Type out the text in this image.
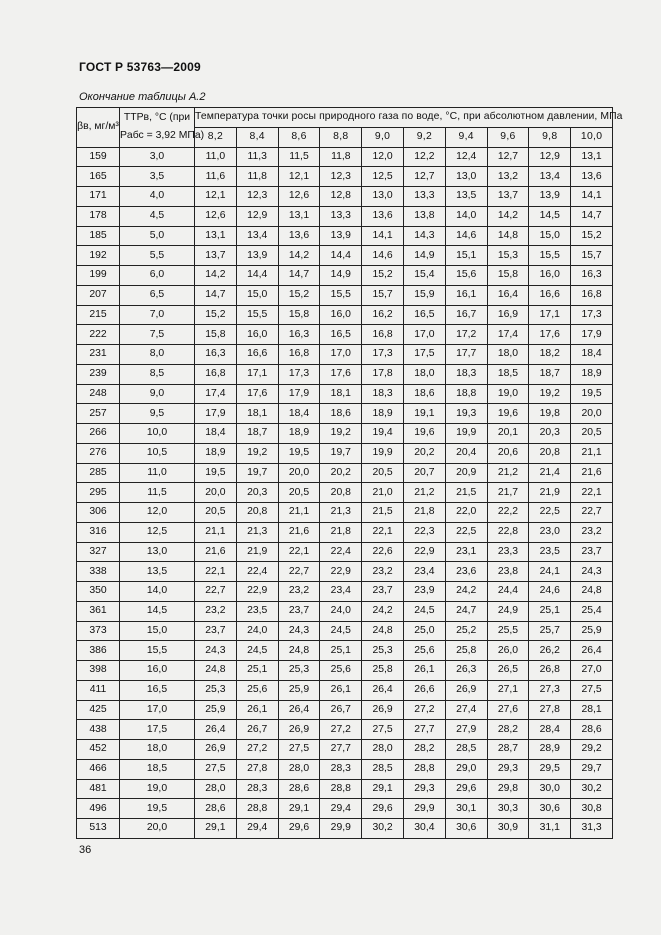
ГОСТ Р 53763—2009
Окончание таблицы А.2
βв, мг/м³	ТТРв, °С (при
Pабс = 3,92 МПа)	Температура точки росы природного газа по воде, °С, при абсолютном давлении, МПа									
		8,2	8,4	8,6	8,8	9,0	9,2	9,4	9,6	9,8	10,0
159	3,0	11,0	11,3	11,5	11,8	12,0	12,2	12,4	12,7	12,9	13,1
165	3,5	11,6	11,8	12,1	12,3	12,5	12,7	13,0	13,2	13,4	13,6
171	4,0	12,1	12,3	12,6	12,8	13,0	13,3	13,5	13,7	13,9	14,1
178	4,5	12,6	12,9	13,1	13,3	13,6	13,8	14,0	14,2	14,5	14,7
185	5,0	13,1	13,4	13,6	13,9	14,1	14,3	14,6	14,8	15,0	15,2
192	5,5	13,7	13,9	14,2	14,4	14,6	14,9	15,1	15,3	15,5	15,7
199	6,0	14,2	14,4	14,7	14,9	15,2	15,4	15,6	15,8	16,0	16,3
207	6,5	14,7	15,0	15,2	15,5	15,7	15,9	16,1	16,4	16,6	16,8
215	7,0	15,2	15,5	15,8	16,0	16,2	16,5	16,7	16,9	17,1	17,3
222	7,5	15,8	16,0	16,3	16,5	16,8	17,0	17,2	17,4	17,6	17,9
231	8,0	16,3	16,6	16,8	17,0	17,3	17,5	17,7	18,0	18,2	18,4
239	8,5	16,8	17,1	17,3	17,6	17,8	18,0	18,3	18,5	18,7	18,9
248	9,0	17,4	17,6	17,9	18,1	18,3	18,6	18,8	19,0	19,2	19,5
257	9,5	17,9	18,1	18,4	18,6	18,9	19,1	19,3	19,6	19,8	20,0
266	10,0	18,4	18,7	18,9	19,2	19,4	19,6	19,9	20,1	20,3	20,5
276	10,5	18,9	19,2	19,5	19,7	19,9	20,2	20,4	20,6	20,8	21,1
285	11,0	19,5	19,7	20,0	20,2	20,5	20,7	20,9	21,2	21,4	21,6
295	11,5	20,0	20,3	20,5	20,8	21,0	21,2	21,5	21,7	21,9	22,1
306	12,0	20,5	20,8	21,1	21,3	21,5	21,8	22,0	22,2	22,5	22,7
316	12,5	21,1	21,3	21,6	21,8	22,1	22,3	22,5	22,8	23,0	23,2
327	13,0	21,6	21,9	22,1	22,4	22,6	22,9	23,1	23,3	23,5	23,7
338	13,5	22,1	22,4	22,7	22,9	23,2	23,4	23,6	23,8	24,1	24,3
350	14,0	22,7	22,9	23,2	23,4	23,7	23,9	24,2	24,4	24,6	24,8
361	14,5	23,2	23,5	23,7	24,0	24,2	24,5	24,7	24,9	25,1	25,4
373	15,0	23,7	24,0	24,3	24,5	24,8	25,0	25,2	25,5	25,7	25,9
386	15,5	24,3	24,5	24,8	25,1	25,3	25,6	25,8	26,0	26,2	26,4
398	16,0	24,8	25,1	25,3	25,6	25,8	26,1	26,3	26,5	26,8	27,0
411	16,5	25,3	25,6	25,9	26,1	26,4	26,6	26,9	27,1	27,3	27,5
425	17,0	25,9	26,1	26,4	26,7	26,9	27,2	27,4	27,6	27,8	28,1
438	17,5	26,4	26,7	26,9	27,2	27,5	27,7	27,9	28,2	28,4	28,6
452	18,0	26,9	27,2	27,5	27,7	28,0	28,2	28,5	28,7	28,9	29,2
466	18,5	27,5	27,8	28,0	28,3	28,5	28,8	29,0	29,3	29,5	29,7
481	19,0	28,0	28,3	28,6	28,8	29,1	29,3	29,6	29,8	30,0	30,2
496	19,5	28,6	28,8	29,1	29,4	29,6	29,9	30,1	30,3	30,6	30,8
513	20,0	29,1	29,4	29,6	29,9	30,2	30,4	30,6	30,9	31,1	31,3
36
